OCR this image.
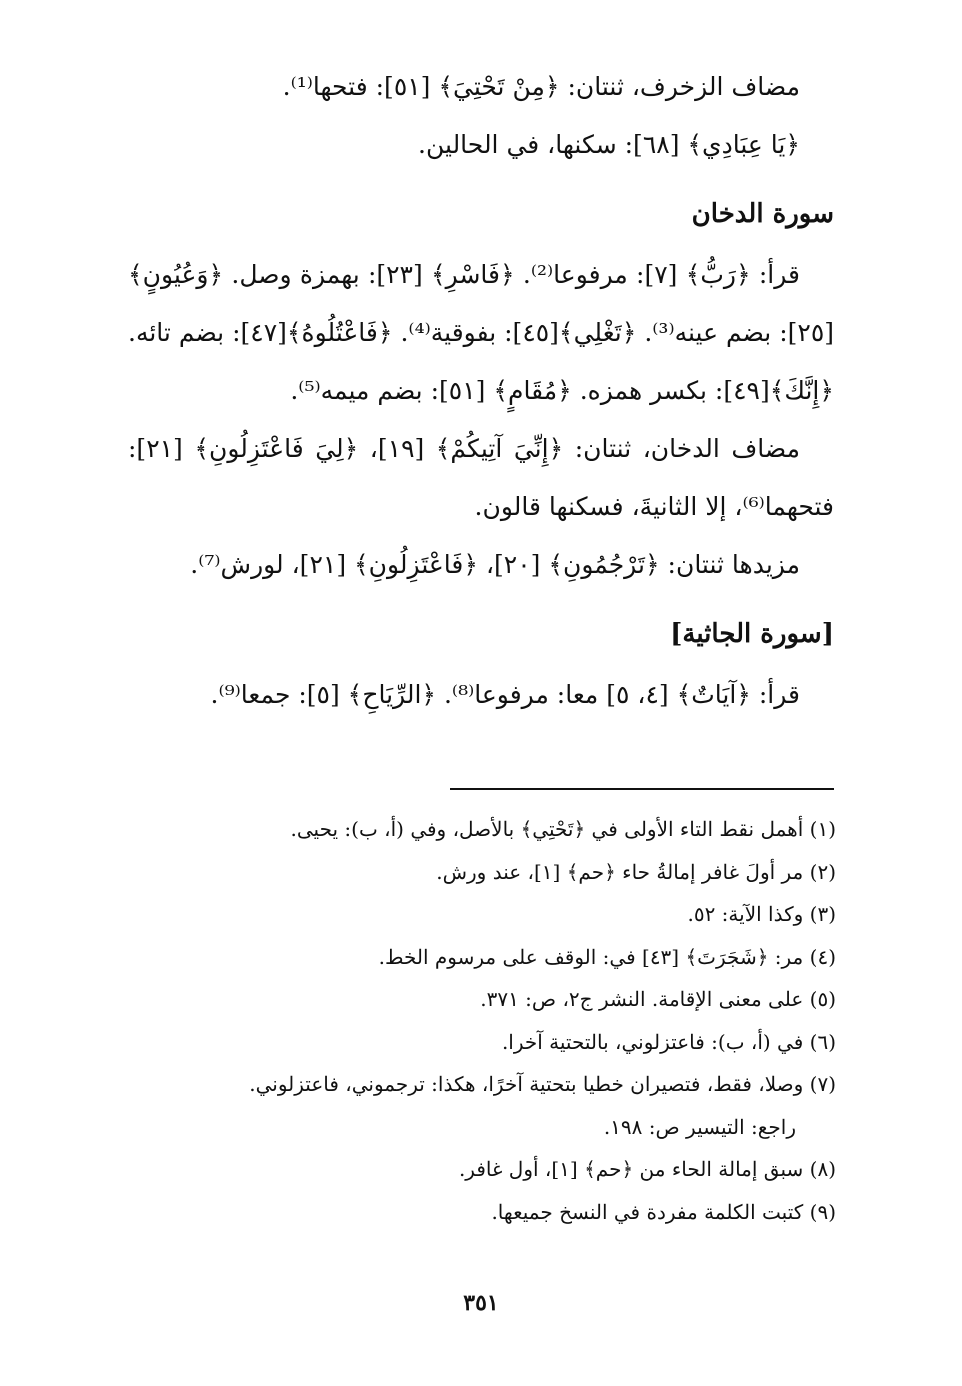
مضاف الزخرف، ثنتان: ﴿مِنْ تَحْتِيَ﴾ [٥١]: فتحها⁽¹⁾.

﴿يَا عِبَادِي﴾ [٦٨]: سكنها، في الحالين.

سورة الدخان

قرأ: ﴿رَبُّ﴾ [٧]: مرفوعا⁽²⁾. ﴿فَاسْرِ﴾ [٢٣]: بهمزة وصل. ﴿وَعُيُونٍ﴾[٢٥]: بضم عينه⁽³⁾. ﴿تَغْلِي﴾[٤٥]: بفوقية⁽⁴⁾. ﴿فَاعْتُلُوهُ﴾[٤٧]: بضم تائه. ﴿إِنَّكَ﴾[٤٩]: بكسر همزه. ﴿مُقَامٍ﴾ [٥١]: بضم ميمه⁽⁵⁾.

مضاف الدخان، ثنتان: ﴿إِنِّيَ آتِيكُمْ﴾ [١٩]، ﴿لِيَ فَاعْتَزِلُونِ﴾ [٢١]: فتحهما⁽⁶⁾، إلا الثانيةَ، فسكنها قالون.

مزيدها ثنتان: ﴿تَرْجُمُونِ﴾ [٢٠]، ﴿فَاعْتَزِلُونِ﴾ [٢١]، لورش⁽⁷⁾.

[سورة الجاثية]

قرأ: ﴿آيَاتٌ﴾ [٤، ٥] معا: مرفوعا⁽⁸⁾. ﴿الرِّيَاحِ﴾ [٥]: جمعا⁽⁹⁾.

(١) أهمل نقط التاء الأولى في ﴿تَحْتِي﴾ بالأصل، وفي (أ، ب): يحيى.
(٢) مر أولَ غافر إمالةُ حاء ﴿حم﴾ [١]، عند ورش.
(٣) وكذا الآية: ٥٢.
(٤) مر: ﴿شَجَرَتَ﴾ [٤٣] في: الوقف على مرسوم الخط.
(٥) على معنى الإقامة. النشر ج٢، ص: ٣٧١.
(٦) في (أ، ب): فاعتزلوني، بالتحتية آخرا.
(٧) وصلا، فقط، فتصيران خطيا بتحتية آخرًا، هكذا: ترجموني، فاعتزلوني.
راجع: التيسير ص: ١٩٨.
(٨) سبق إمالة الحاء من ﴿حم﴾ [١]، أول غافر.
(٩) كتبت الكلمة مفردة في النسخ جميعها.
٣٥١
